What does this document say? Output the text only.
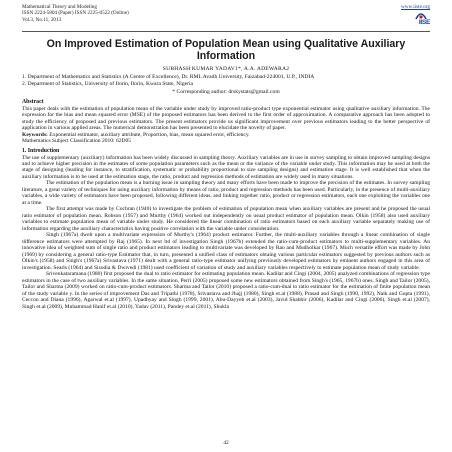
Mathematical Theory and Modeling
ISSN 2224-5804 (Paper) ISSN 2225-0522 (Online)
Vol.3, No.11, 2013
www.iiste.org
IISE
On Improved Estimation of Population Mean using Qualitative Auxiliary Information
SUBHASH KUMAR YADAV1*, A.A. ADEWARA2
1. Department of Mathematics and Statistics (A Centre of Excellence), Dr. RML Avadh University, Faizabad-224001, U.P., INDIA
2. Department of Statistics, University of Ilorin, Ilorin, Kwara State, Nigeria
* Corresponding author: drskystats@gmail.com
Abstract
This paper deals with the estimation of population mean of the variable under study by improved ratio-product type exponential estimator using qualitative auxiliary information. The expression for the bias and mean squared error (MSE) of the proposed estimators has been derived to the first order of approximation. A comparative approach has been adopted to study the efficiency of proposed and previous estimators. The present estimators provide us significant improvement over previous estimators leading to the better perspective of application in various applied areas. The numerical demonstration has been presented to elucidate the novelty of paper.
Keywords: Exponential estimator, auxiliary attribute, Proportion, bias, mean squared error, efficiency.
Mathematics Subject Classification 2010: 62D05
1. Introduction
The use of supplementary (auxiliary) information has been widely discussed in sampling theory. Auxiliary variables are in use in survey sampling to obtain improved sampling designs and to achieve higher precision in the estimates of some population parameters such as the mean or the variance of the variable under study. This information may be used at both the stage of designing (leading for instance, to stratification, systematic or probability proportional to size sampling designs) and estimation stage. It is well established that when the auxiliary information is to be used at the estimation stage, the ratio, product and regression methods of estimation are widely used in many situations.
The estimation of the population mean is a burning issue in sampling theory and many efforts have been made to improve the precision of the estimates. In survey sampling literature, a great variety of techniques for using auxiliary information by means of ratio, product and regression methods has been used. Particularly, in the presence of multi-auxiliary variables, a wide variety of estimators have been proposed, following different ideas, and linking together ratio, product or regression estimators, each one exploiting the variables one at a time.
The first attempt was made by Cochran (1940) to investigate the problem of estimation of population mean when auxiliary variables are present and he proposed the usual ratio estimator of population mean. Robson (1957) and Murthy (1964) worked out independently on usual product estimator of population mean. Olkin (1958) also used auxiliary variables to estimate population mean of variable under study. He considered the linear combination of ratio estimators based on each auxiliary variable separately making use of information regarding the auxiliary characteristics having positive correlation with the variable under consideration.
Singh (1967a) dwelt upon a multivariate expression of Murthy's (1964) product estimator. Further, the multi-auxiliary variables through a linear combination of single difference estimators were attempted by Raj (1965). In next ltd of investigation Singh (1967b) extended the ratio-cum-product estimators to multi-supplementary variables. An innovative idea of weighted sum of single ratio and product estimators leading to multivariate was developed by Rao and Mudholkar (1967). Much versatile effort was made by John (1969) by considering a general ratio-type Estimator that, in turn, presented a unified class of estimators obtaing various particular estimators suggested by previous authors such as Olkin's (1958) and Singh's (1967a) Srivastava (1971) dealt with a general ratio-type estimator unifying previously developed estimators by eminent authors engaged in this area of investigation. Searls (1964) and Sisodia & Dwivedi (1981) used coefficient of variation of study and auxiliary variables respectively to estimate population mean of study variable.
Srivenkataramana (1980) first proposed the dual to ratio estimator for estimating population mean. Kadilar and Cingi (2004, 2005) analyzed combinations of regression type estimators in the case of two auxiliary variables. In the same situation, Perri (2005) proposed some new estimators obtained from Singh's (1965, 1967b) ones. Singh and Tailor (2005), Tailor and Sharma (2009) worked on ratio-cum-product estimators. Sharma and Tailor (2010) proposed a ratio-cum-dual to ratio estimator for the estimation of finite population mean of the study variable y. In the series of improvement Das and Tripathi (1978), Srivastava and Jhajj (1980), Singh et.al (1988), Prasad and Singh (1990, 1992), Naik and Gupta (1991), Ceccon and Diana (1996), Agarwal et.al (1997), Upadhyay and Singh (1999, 2001), Abu-Dayyeh et.al (2003), Javid Shabbir (2006), Kadilar and Cingi (2006), Singh et.al (2007), Singh et.al (2009), Muhammad Hanif et.al (2010), Yadav (2011), Pandey et.al (2011), Shukla
42
